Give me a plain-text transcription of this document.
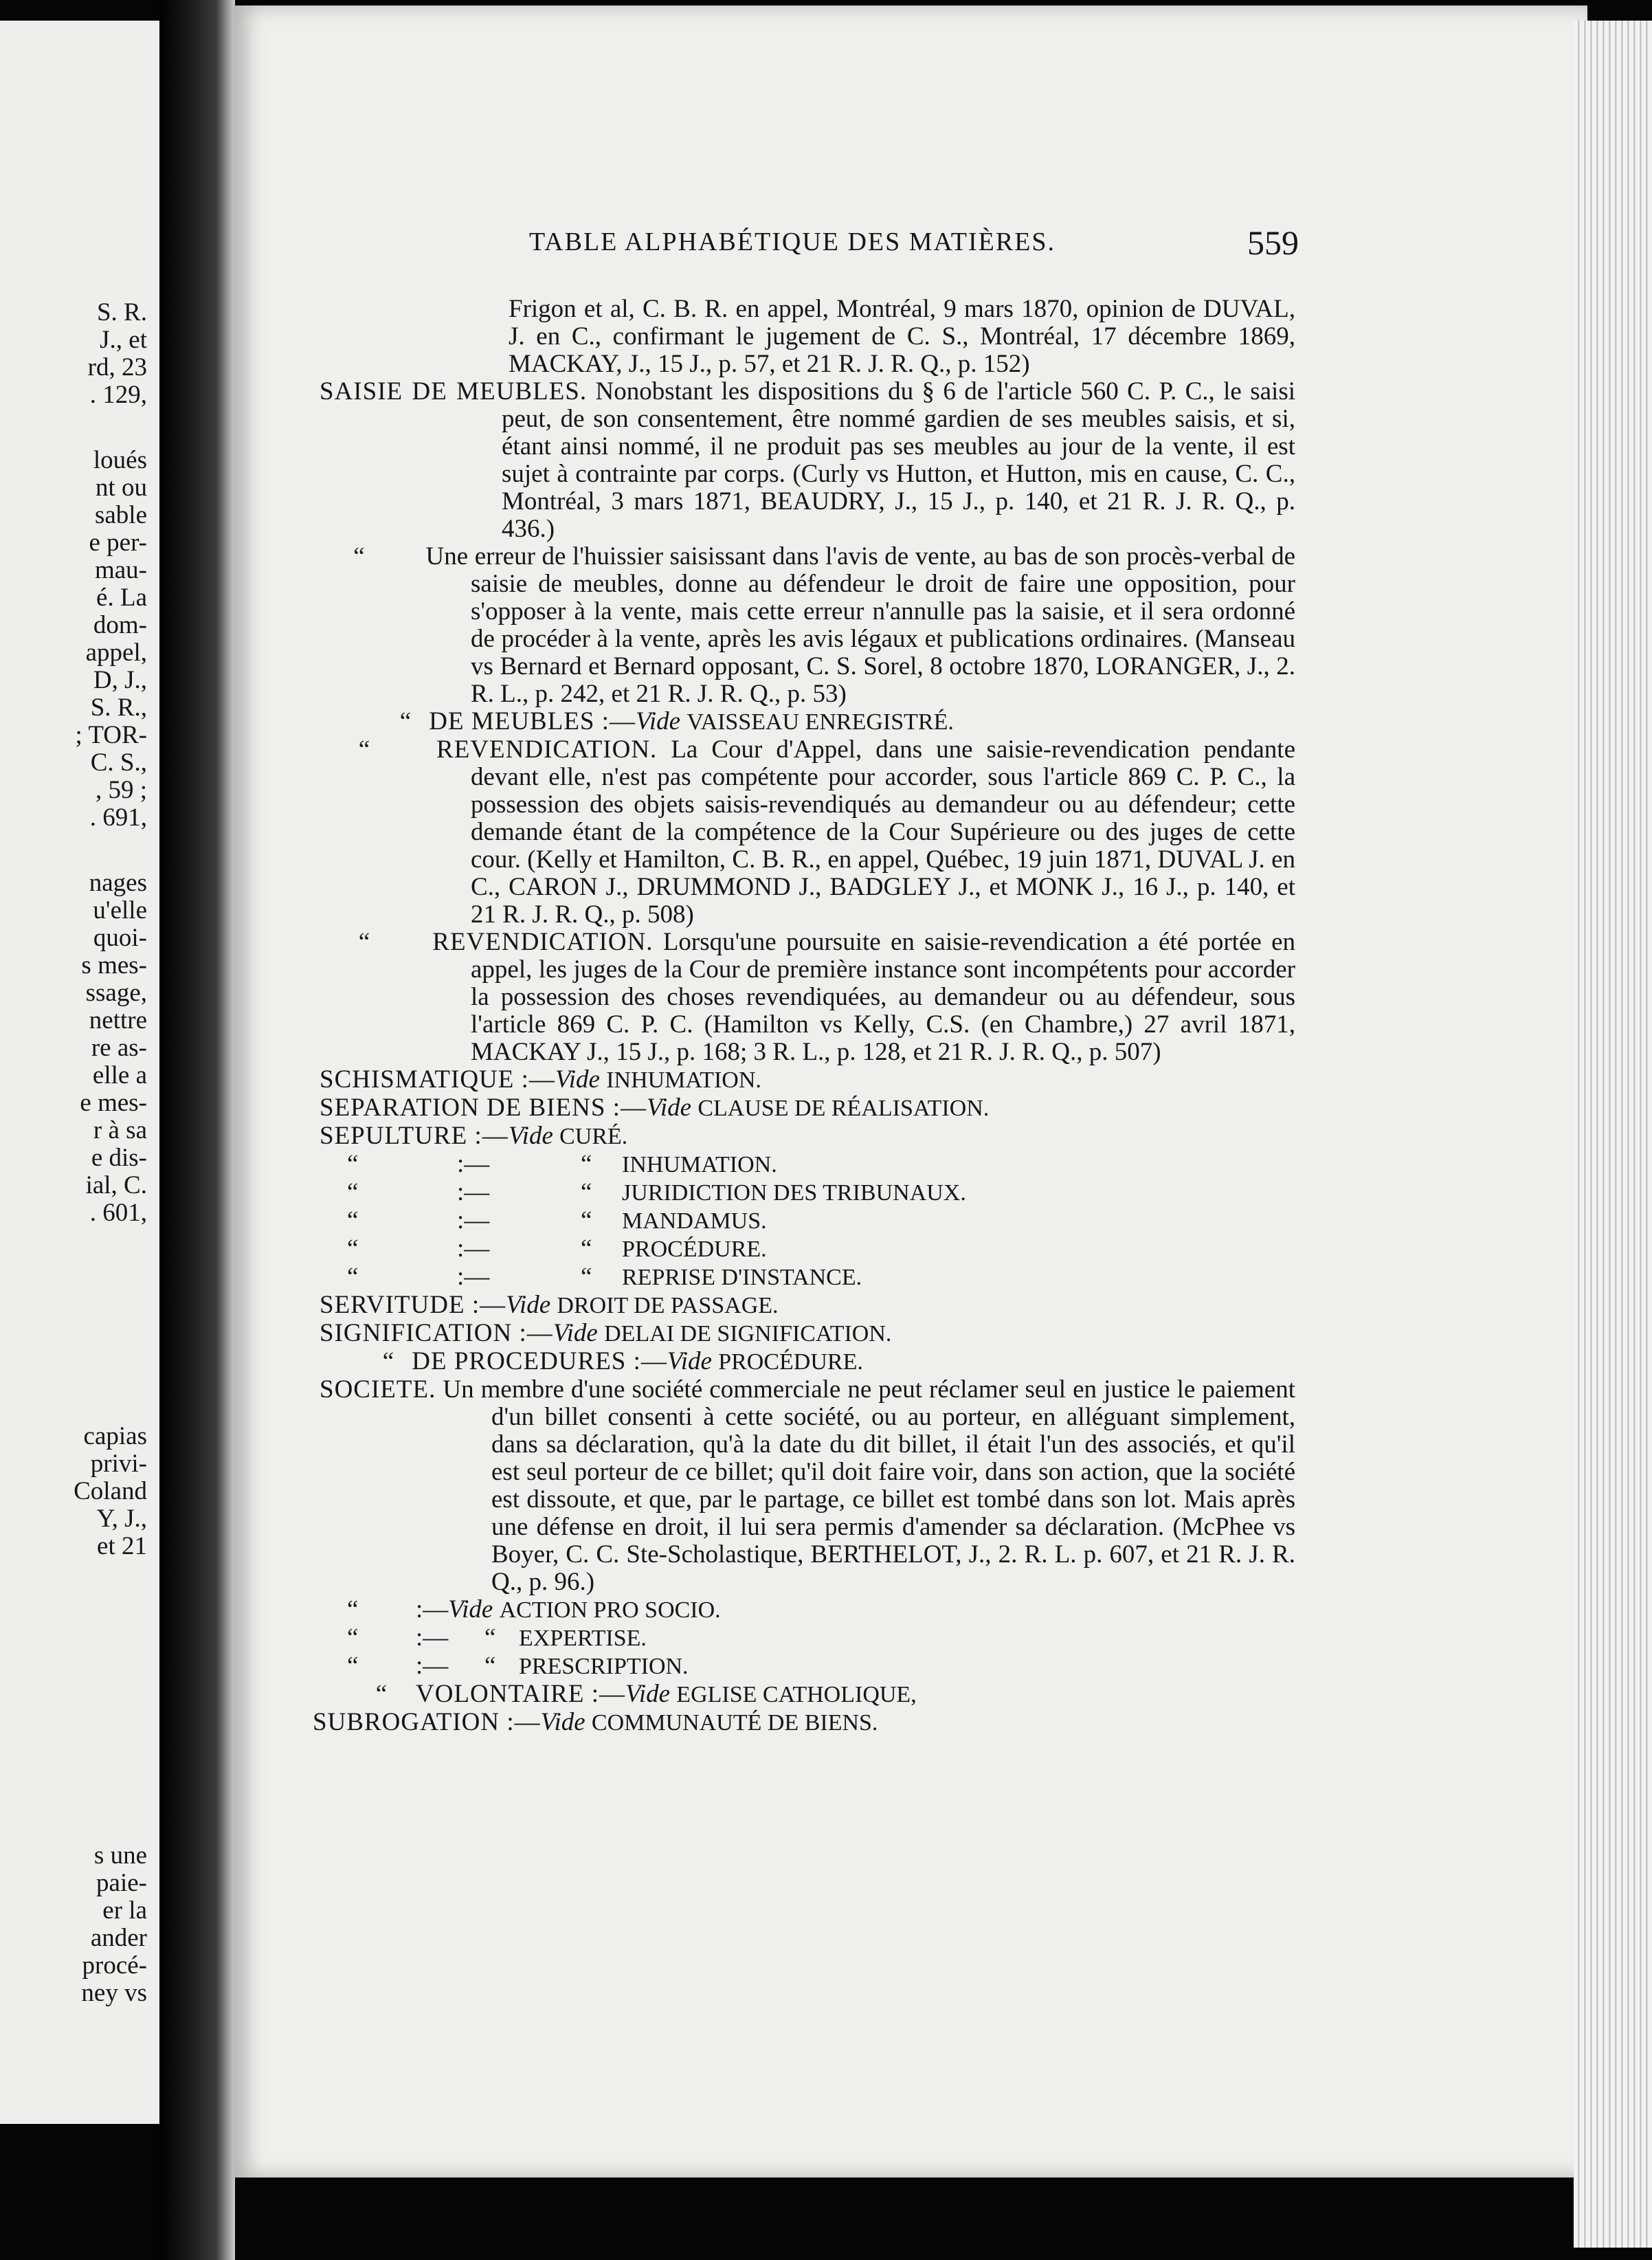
S. R.
J., et
rd, 23
. 129,
loués
nt ou
sable
e per-
mau-
é. La
dom-
appel,
D, J.,
S. R.,
; TOR-
C. S.,
, 59 ;
. 691,
nages
u'elle
quoi-
s mes-
ssage,
nettre
re as-
elle a
e mes-
r à sa
e dis-
ial, C.
. 601,
capias
privi-
Coland
Y, J.,
et 21
s une
paie-
er la
ander
procé-
ney vs
TABLE ALPHABÉTIQUE DES MATIÈRES.	559

Frigon et al, C. B. R. en appel, Montréal, 9 mars 1870, opinion de DUVAL, J. en C., confirmant le jugement de C. S., Montréal, 17 décembre 1869, MACKAY, J., 15 J., p. 57, et 21 R. J. R. Q., p. 152)

SAISIE DE MEUBLES. Nonobstant les dispositions du § 6 de l'article 560 C. P. C., le saisi peut, de son consentement, être nommé gardien de ses meubles saisis, et si, étant ainsi nommé, il ne produit pas ses meubles au jour de la vente, il est sujet à contrainte par corps. (Curly vs Hutton, et Hutton, mis en cause, C. C., Montréal, 3 mars 1871, BEAUDRY, J., 15 J., p. 140, et 21 R. J. R. Q., p. 436.)

“ Une erreur de l'huissier saisissant dans l'avis de vente, au bas de son procès-verbal de saisie de meubles, donne au défendeur le droit de faire une opposition, pour s'opposer à la vente, mais cette erreur n'annulle pas la saisie, et il sera ordonné de procéder à la vente, après les avis légaux et publications ordinaires. (Manseau vs Bernard et Bernard opposant, C. S. Sorel, 8 octobre 1870, LORANGER, J., 2. R. L., p. 242, et 21 R. J. R. Q., p. 53)

“ DE MEUBLES :—Vide VAISSEAU ENREGISTRÉ.

“	REVENDICATION. La Cour d'Appel, dans une saisie-revendication pendante devant elle, n'est pas compétente pour accorder, sous l'article 869 C. P. C., la possession des objets saisis-revendiqués au demandeur ou au défendeur; cette demande étant de la compétence de la Cour Supérieure ou des juges de cette cour. (Kelly et Hamilton, C. B. R., en appel, Québec, 19 juin 1871, DUVAL J. en C., CARON J., DRUMMOND J., BADGLEY J., et MONK J., 16 J., p. 140, et 21 R. J. R. Q., p. 508)

“ REVENDICATION. Lorsqu'une poursuite en saisie-revendication a été portée en appel, les juges de la Cour de première instance sont incompétents pour accorder la possession des choses revendiquées, au demandeur ou au défendeur, sous l'article 869 C. P. C. (Hamilton vs Kelly, C.S. (en Chambre,) 27 avril 1871, MACKAY J., 15 J., p. 168; 3 R. L., p. 128, et 21 R. J. R. Q., p. 507)

SCHISMATIQUE :—Vide INHUMATION.

SEPARATION DE BIENS :—Vide CLAUSE DE RÉALISATION.

SEPULTURE :—Vide CURÉ.

“	:—	“ INHUMATION.

“	:—	“ JURIDICTION DES TRIBUNAUX.

“	:—	“ MANDAMUS.

“	:—	“ PROCÉDURE.

“	:—	“ REPRISE D'INSTANCE.

SERVITUDE :—Vide DROIT DE PASSAGE.

SIGNIFICATION :—Vide DELAI DE SIGNIFICATION.

“ DE PROCEDURES :—Vide PROCÉDURE.

SOCIETE. Un membre d'une société commerciale ne peut réclamer seul en justice le paiement d'un billet consenti à cette société, ou au porteur, en alléguant simplement, dans sa déclaration, qu'à la date du dit billet, il était l'un des associés, et qu'il est seul porteur de ce billet; qu'il doit faire voir, dans son action, que la société est dissoute, et que, par le partage, ce billet est tombé dans son lot. Mais après une défense en droit, il lui sera permis d'amender sa déclaration. (McPhee vs Boyer, C. C. Ste-Scholastique, BERTHELOT, J., 2. R. L. p. 607, et 21 R. J. R. Q., p. 96.)

“ :—Vide ACTION PRO SOCIO.

“ :— “ EXPERTISE.

“ :— “ PRESCRIPTION.

“ VOLONTAIRE :—Vide EGLISE CATHOLIQUE,

SUBROGATION :—Vide COMMUNAUTÉ DE BIENS.
